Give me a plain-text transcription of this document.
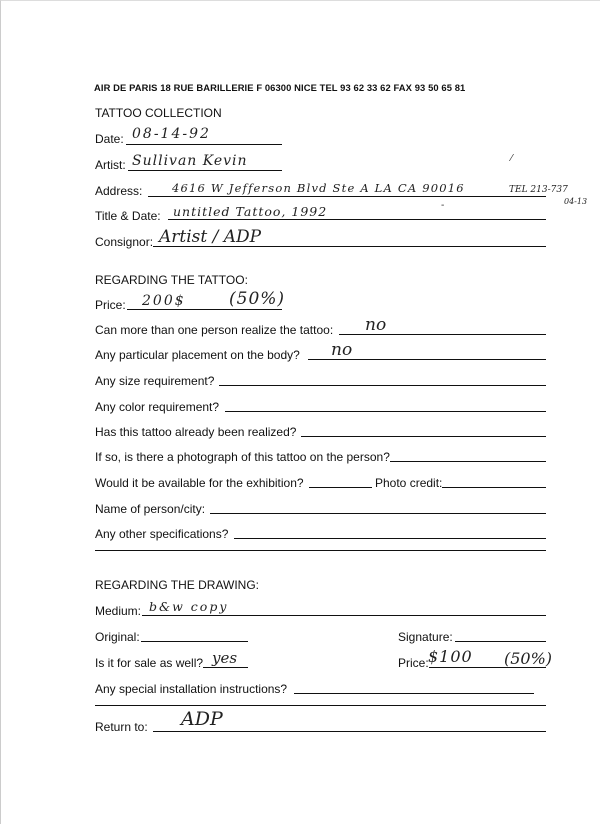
AIR DE PARIS 18 RUE BARILLERIE F 06300 NICE TEL 93 62 33 62 FAX 93 50 65 81
TATTOO COLLECTION
Date: 08-14-92
Artist: Sullivan Kevin	⁄
Address:	4616 W Jefferson Blvd Ste A LA CA 90016	TEL 213-737
04-13
Title & Date: untitled Tattoo, 1992	-
Consignor: Artist / ADP
REGARDING THE TATTOO:
Price: 200$	(50%)
Can more than one person realize the tattoo: no
Any particular placement on the body? no
Any size requirement?
Any color requirement?
Has this tattoo already been realized?
If so, is there a photograph of this tattoo on the person?
Would it be available for the exhibition?	Photo credit:
Name of person/city:
Any other specifications?
REGARDING THE DRAWING:
Medium: b&w copy
Original:	Signature:
Is it for sale as well? yes	Price: $100 (50%)
Any special installation instructions?
Return to: ADP
